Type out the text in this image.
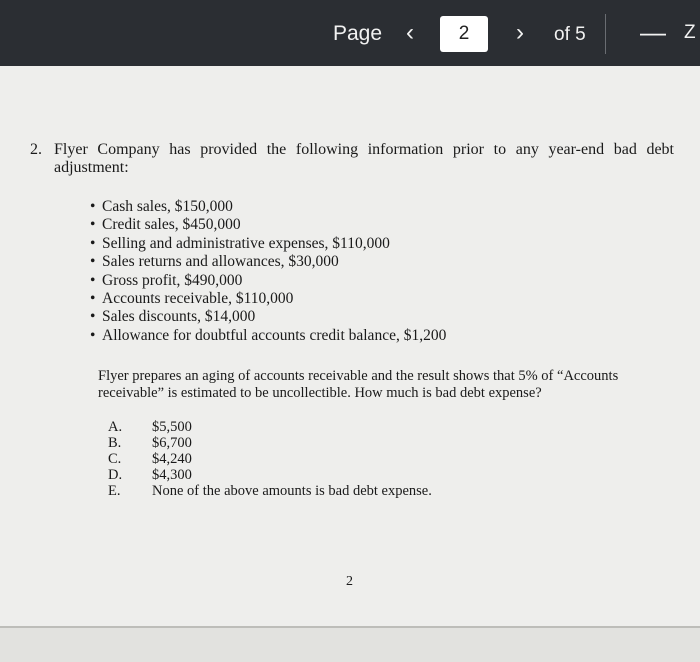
Page ‹	2	›	of 5 — Z
2. Flyer Company has provided the following information prior to any year-end bad debt adjustment:
• Cash sales, $150,000
• Credit sales, $450,000
• Selling and administrative expenses, $110,000
• Sales returns and allowances, $30,000
• Gross profit, $490,000
• Accounts receivable, $110,000
• Sales discounts, $14,000
• Allowance for doubtful accounts credit balance, $1,200
Flyer prepares an aging of accounts receivable and the result shows that 5% of “Accounts receivable” is estimated to be uncollectible. How much is bad debt expense?
A.	$5,500
B.	$6,700
C.	$4,240
D.	$4,300
E.	None of the above amounts is bad debt expense.
2
